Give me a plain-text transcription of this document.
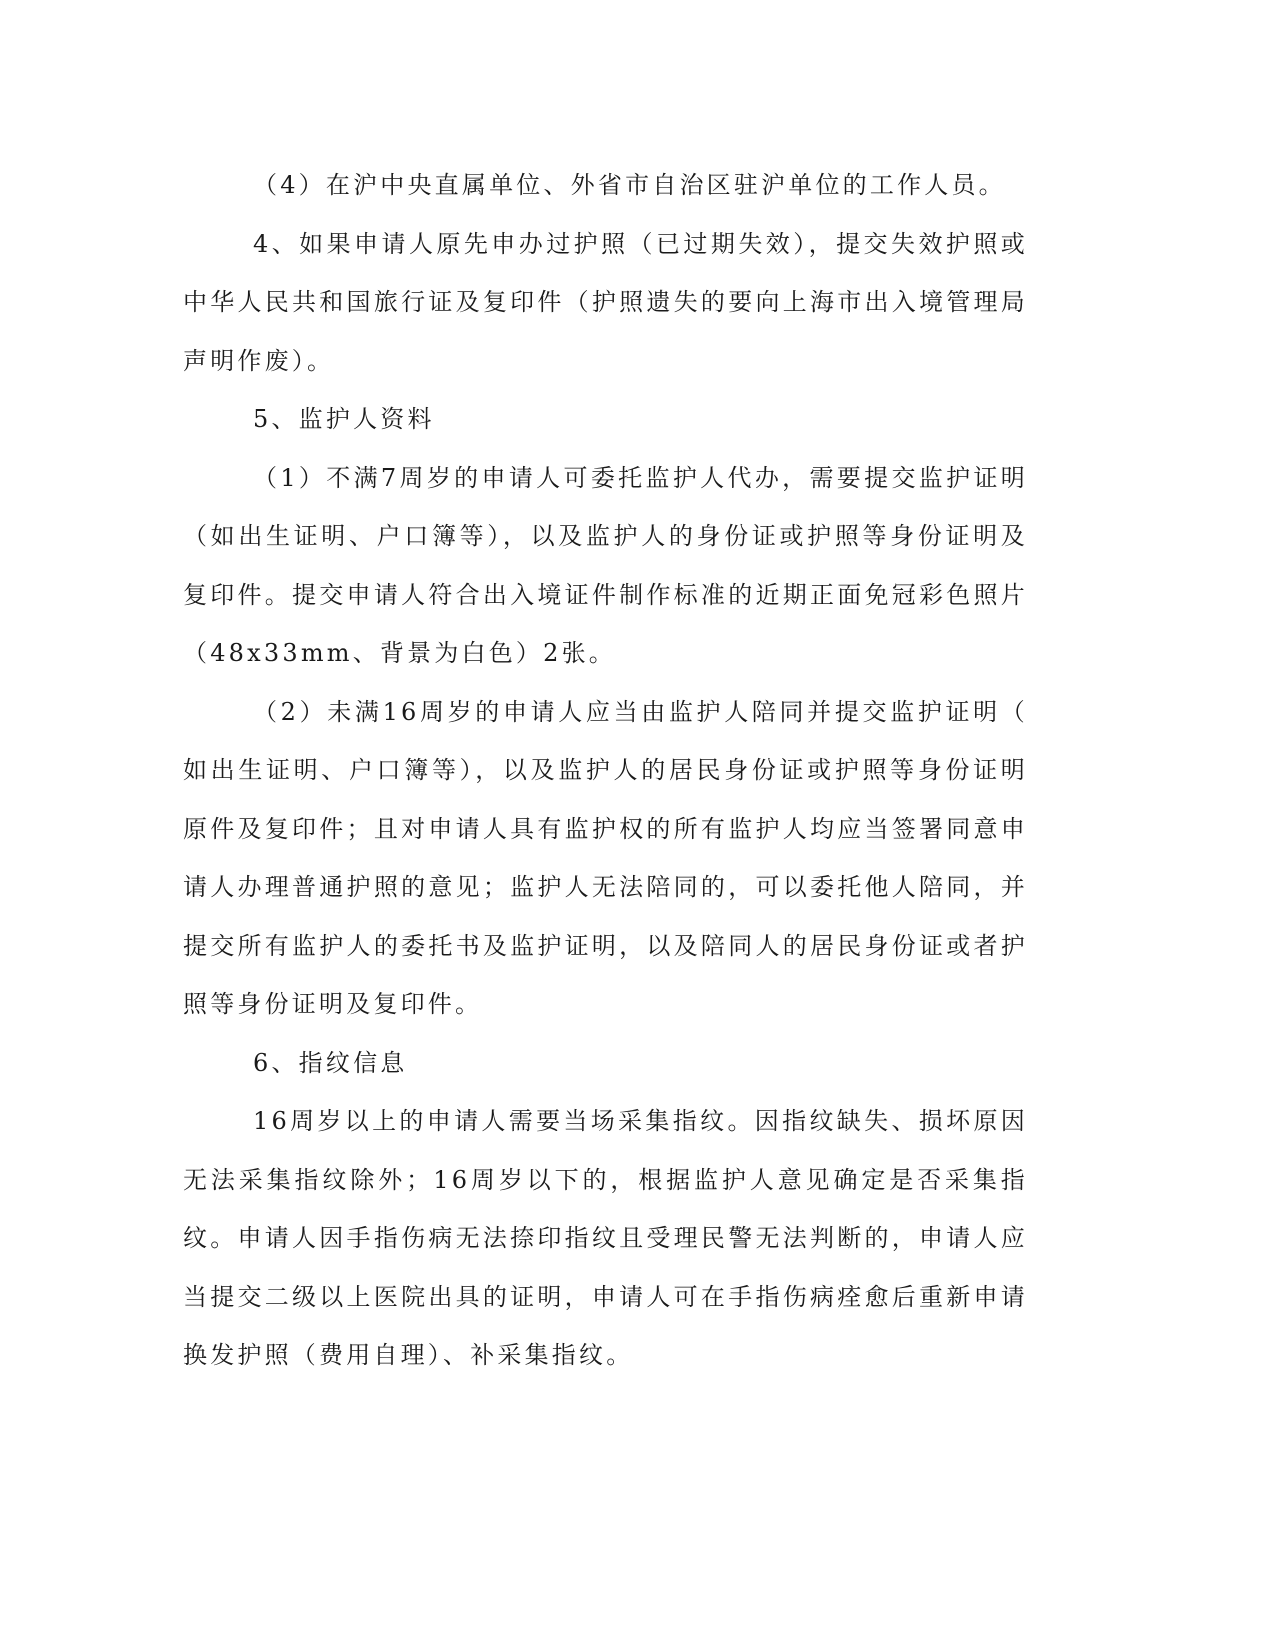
（4）在沪中央直属单位、外省市自治区驻沪单位的工作人员。

4、如果申请人原先申办过护照（已过期失效），提交失效护照或中华人民共和国旅行证及复印件（护照遗失的要向上海市出入境管理局声明作废）。

5、监护人资料

（1）不满7周岁的申请人可委托监护人代办，需要提交监护证明（如出生证明、户口簿等），以及监护人的身份证或护照等身份证明及复印件。提交申请人符合出入境证件制作标准的近期正面免冠彩色照片（48x33mm、背景为白色）2张。

（2）未满16周岁的申请人应当由监护人陪同并提交监护证明（如出生证明、户口簿等），以及监护人的居民身份证或护照等身份证明原件及复印件；且对申请人具有监护权的所有监护人均应当签署同意申请人办理普通护照的意见；监护人无法陪同的，可以委托他人陪同，并提交所有监护人的委托书及监护证明，以及陪同人的居民身份证或者护照等身份证明及复印件。

6、指纹信息

16周岁以上的申请人需要当场采集指纹。因指纹缺失、损坏原因无法采集指纹除外；16周岁以下的，根据监护人意见确定是否采集指纹。申请人因手指伤病无法捺印指纹且受理民警无法判断的，申请人应当提交二级以上医院出具的证明，申请人可在手指伤病痊愈后重新申请换发护照（费用自理）、补采集指纹。
